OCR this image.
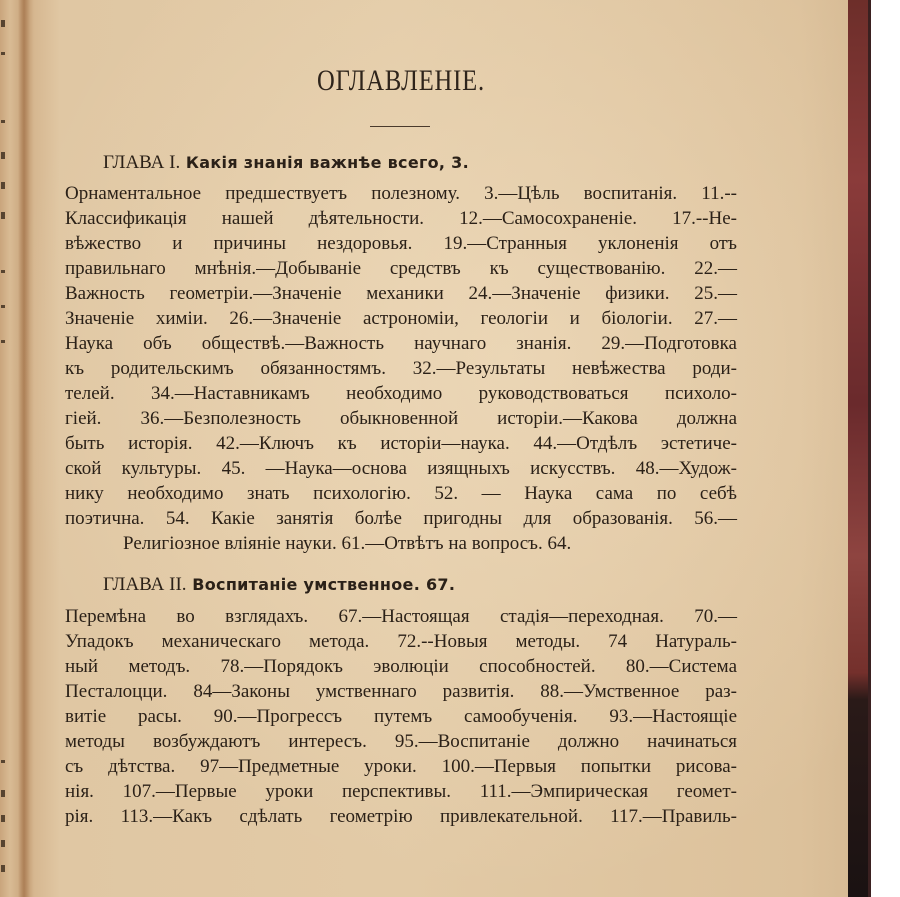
ОГЛАВЛЕНІЕ.
ГЛАВА I. Какія знанія важнѣе всего, 3.
Орнаментальное предшествуетъ полезному. 3.—Цѣль воспитанія. 11.--
Классификація нашей дѣятельности. 12.—Самосохраненіе. 17.--Не-
вѣжество и причины нездоровья. 19.—Странныя уклоненія отъ
правильнаго мнѣнія.—Добываніе средствъ къ существованію. 22.—
Важность геометріи.—Значеніе механики 24.—Значеніе физики. 25.—
Значеніе химіи. 26.—Значеніе астрономіи, геологіи и біологіи. 27.—
Наука объ обществѣ.—Важность научнаго знанія. 29.—Подготовка
къ родительскимъ обязанностямъ. 32.—Результаты невѣжества роди-
телей. 34.—Наставникамъ необходимо руководствоваться психоло-
гіей. 36.—Безполезность обыкновенной исторіи.—Какова должна
быть исторія. 42.—Ключъ къ исторіи—наука. 44.—Отдѣлъ эстетиче-
ской культуры. 45. —Наука—основа изящныхъ искусствъ. 48.—Худож-
нику необходимо знать психологію. 52. — Наука сама по себѣ
поэтична. 54. Какіе занятія болѣе пригодны для образованія. 56.—
Религіозное вліяніе науки. 61.—Отвѣтъ на вопросъ. 64.
ГЛАВА II. Воспитаніе умственное. 67.
Перемѣна во взглядахъ. 67.—Настоящая стадія—переходная. 70.—
Упадокъ механическаго метода. 72.--Новыя методы. 74 Натураль-
ный методъ. 78.—Порядокъ эволюціи способностей. 80.—Система
Песталоцци. 84—Законы умственнаго развитія. 88.—Умственное раз-
витіе расы. 90.—Прогрессъ путемъ самообученія. 93.—Настоящіе
методы возбуждаютъ интересъ. 95.—Воспитаніе должно начинаться
съ дѣтства. 97—Предметные уроки. 100.—Первыя попытки рисова-
нія. 107.—Первые уроки перспективы. 111.—Эмпирическая геомет-
рія. 113.—Какъ сдѣлать геометрію привлекательной. 117.—Правиль-
